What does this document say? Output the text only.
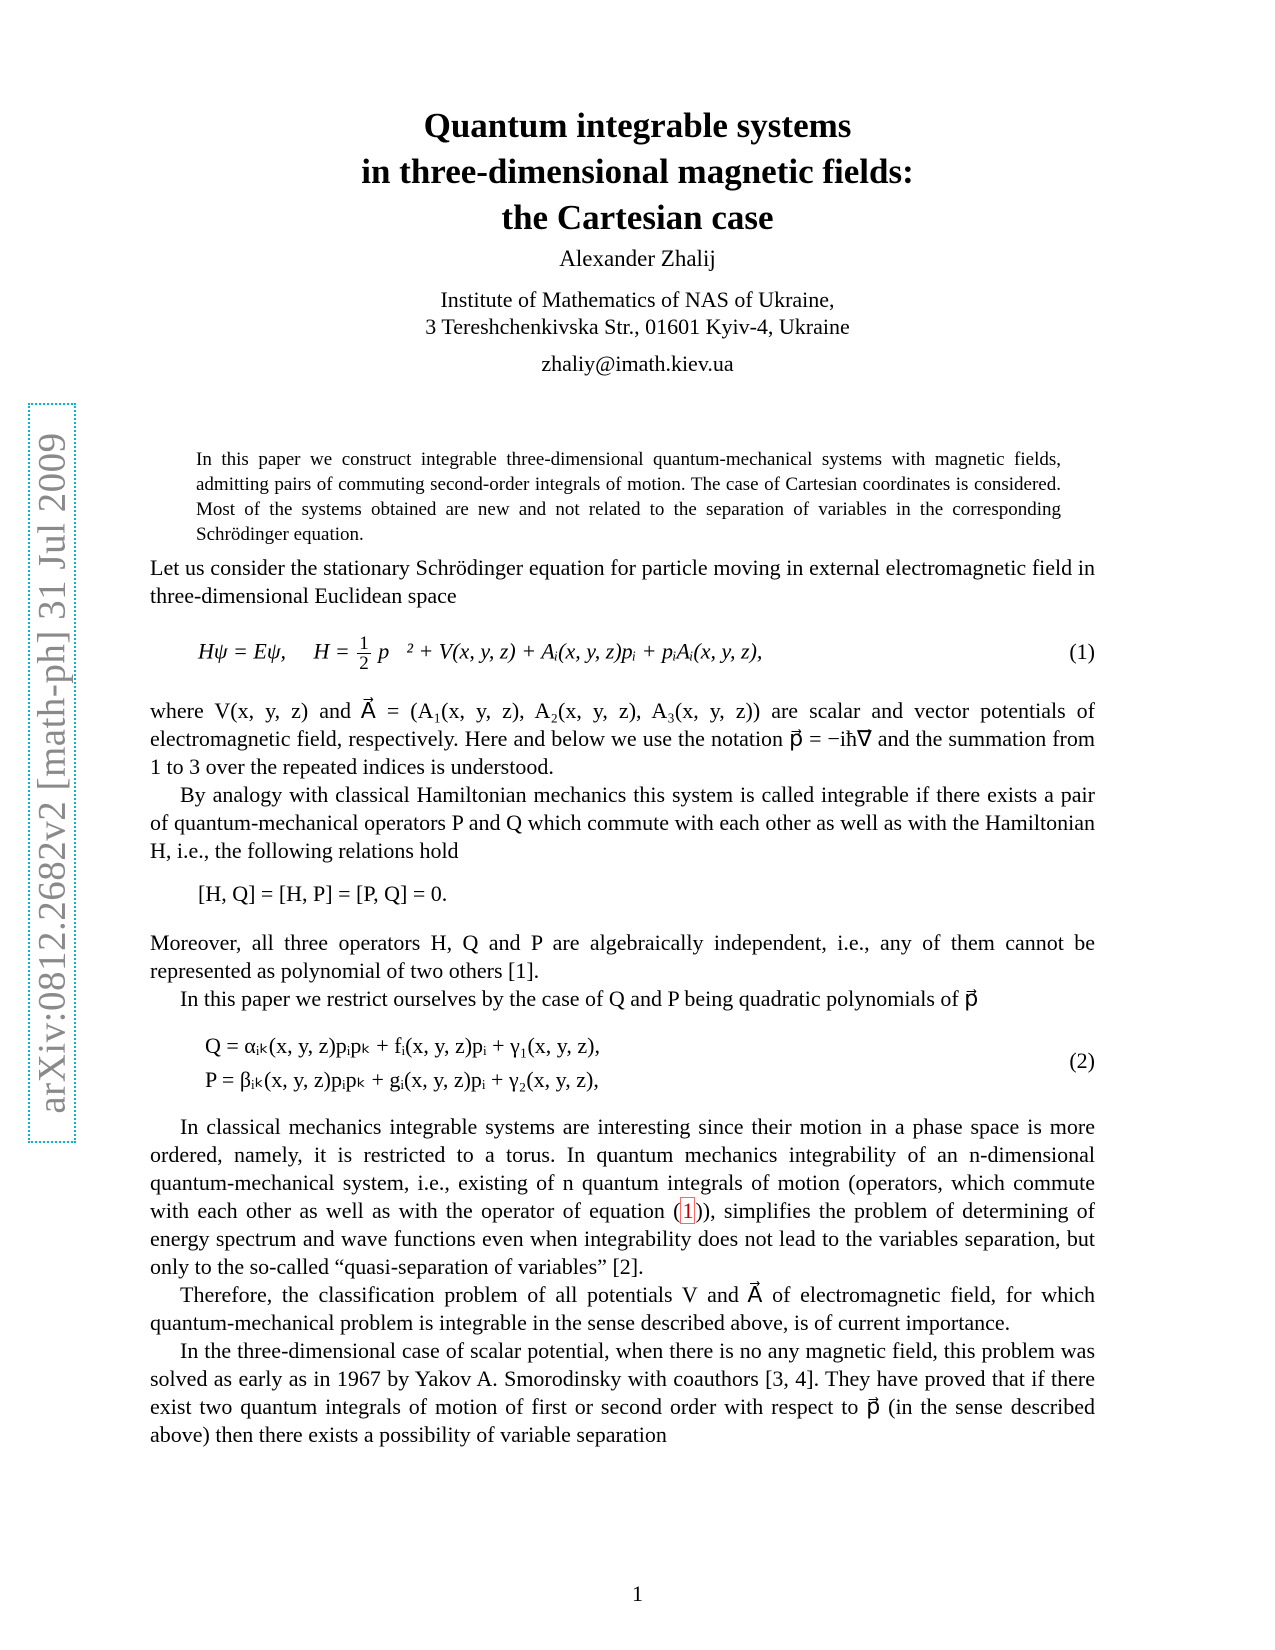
arXiv:0812.2682v2 [math-ph] 31 Jul 2009
Quantum integrable systems
in three-dimensional magnetic fields:
the Cartesian case
Alexander Zhalij
Institute of Mathematics of NAS of Ukraine,
3 Tereshchenkivska Str., 01601 Kyiv-4, Ukraine
zhaliy@imath.kiev.ua
In this paper we construct integrable three-dimensional quantum-mechanical systems with magnetic fields, admitting pairs of commuting second-order integrals of motion. The case of Cartesian coordinates is considered. Most of the systems obtained are new and not related to the separation of variables in the corresponding Schrödinger equation.

Let us consider the stationary Schrödinger equation for particle moving in external electromagnetic field in three-dimensional Euclidean space

Hψ = Eψ, $H = \frac{1}{2}$ p⃗² + V(x, y, z) + Aᵢ(x, y, z)pᵢ + pᵢAᵢ(x, y, z),	(1)

where V(x, y, z) and A⃗ = (A₁(x, y, z), A₂(x, y, z), A₃(x, y, z)) are scalar and vector potentials of electromagnetic field, respectively. Here and below we use the notation p⃗ = −iħ∇⃗ and the summation from 1 to 3 over the repeated indices is understood.

By analogy with classical Hamiltonian mechanics this system is called integrable if there exists a pair of quantum-mechanical operators P and Q which commute with each other as well as with the Hamiltonian H, i.e., the following relations hold

[H, Q] = [H, P] = [P, Q] = 0.

Moreover, all three operators H, Q and P are algebraically independent, i.e., any of them cannot be represented as polynomial of two others [1].

In this paper we restrict ourselves by the case of Q and P being quadratic polynomials of p⃗

Q = αᵢₖ(x, y, z)pᵢpₖ + fᵢ(x, y, z)pᵢ + γ₁(x, y, z),
P = βᵢₖ(x, y, z)pᵢpₖ + gᵢ(x, y, z)pᵢ + γ₂(x, y, z),
(2)

In classical mechanics integrable systems are interesting since their motion in a phase space is more ordered, namely, it is restricted to a torus. In quantum mechanics integrability of an n-dimensional quantum-mechanical system, i.e., existing of n quantum integrals of motion (operators, which commute with each other as well as with the operator of equation (1)), simplifies the problem of determining of energy spectrum and wave functions even when integrability does not lead to the variables separation, but only to the so-called “quasi-separation of variables” [2].

Therefore, the classification problem of all potentials V and A⃗ of electromagnetic field, for which quantum-mechanical problem is integrable in the sense described above, is of current importance.

In the three-dimensional case of scalar potential, when there is no any magnetic field, this problem was solved as early as in 1967 by Yakov A. Smorodinsky with coauthors [3, 4]. They have proved that if there exist two quantum integrals of motion of first or second order with respect to p⃗ (in the sense described above) then there exists a possibility of variable separation

1
